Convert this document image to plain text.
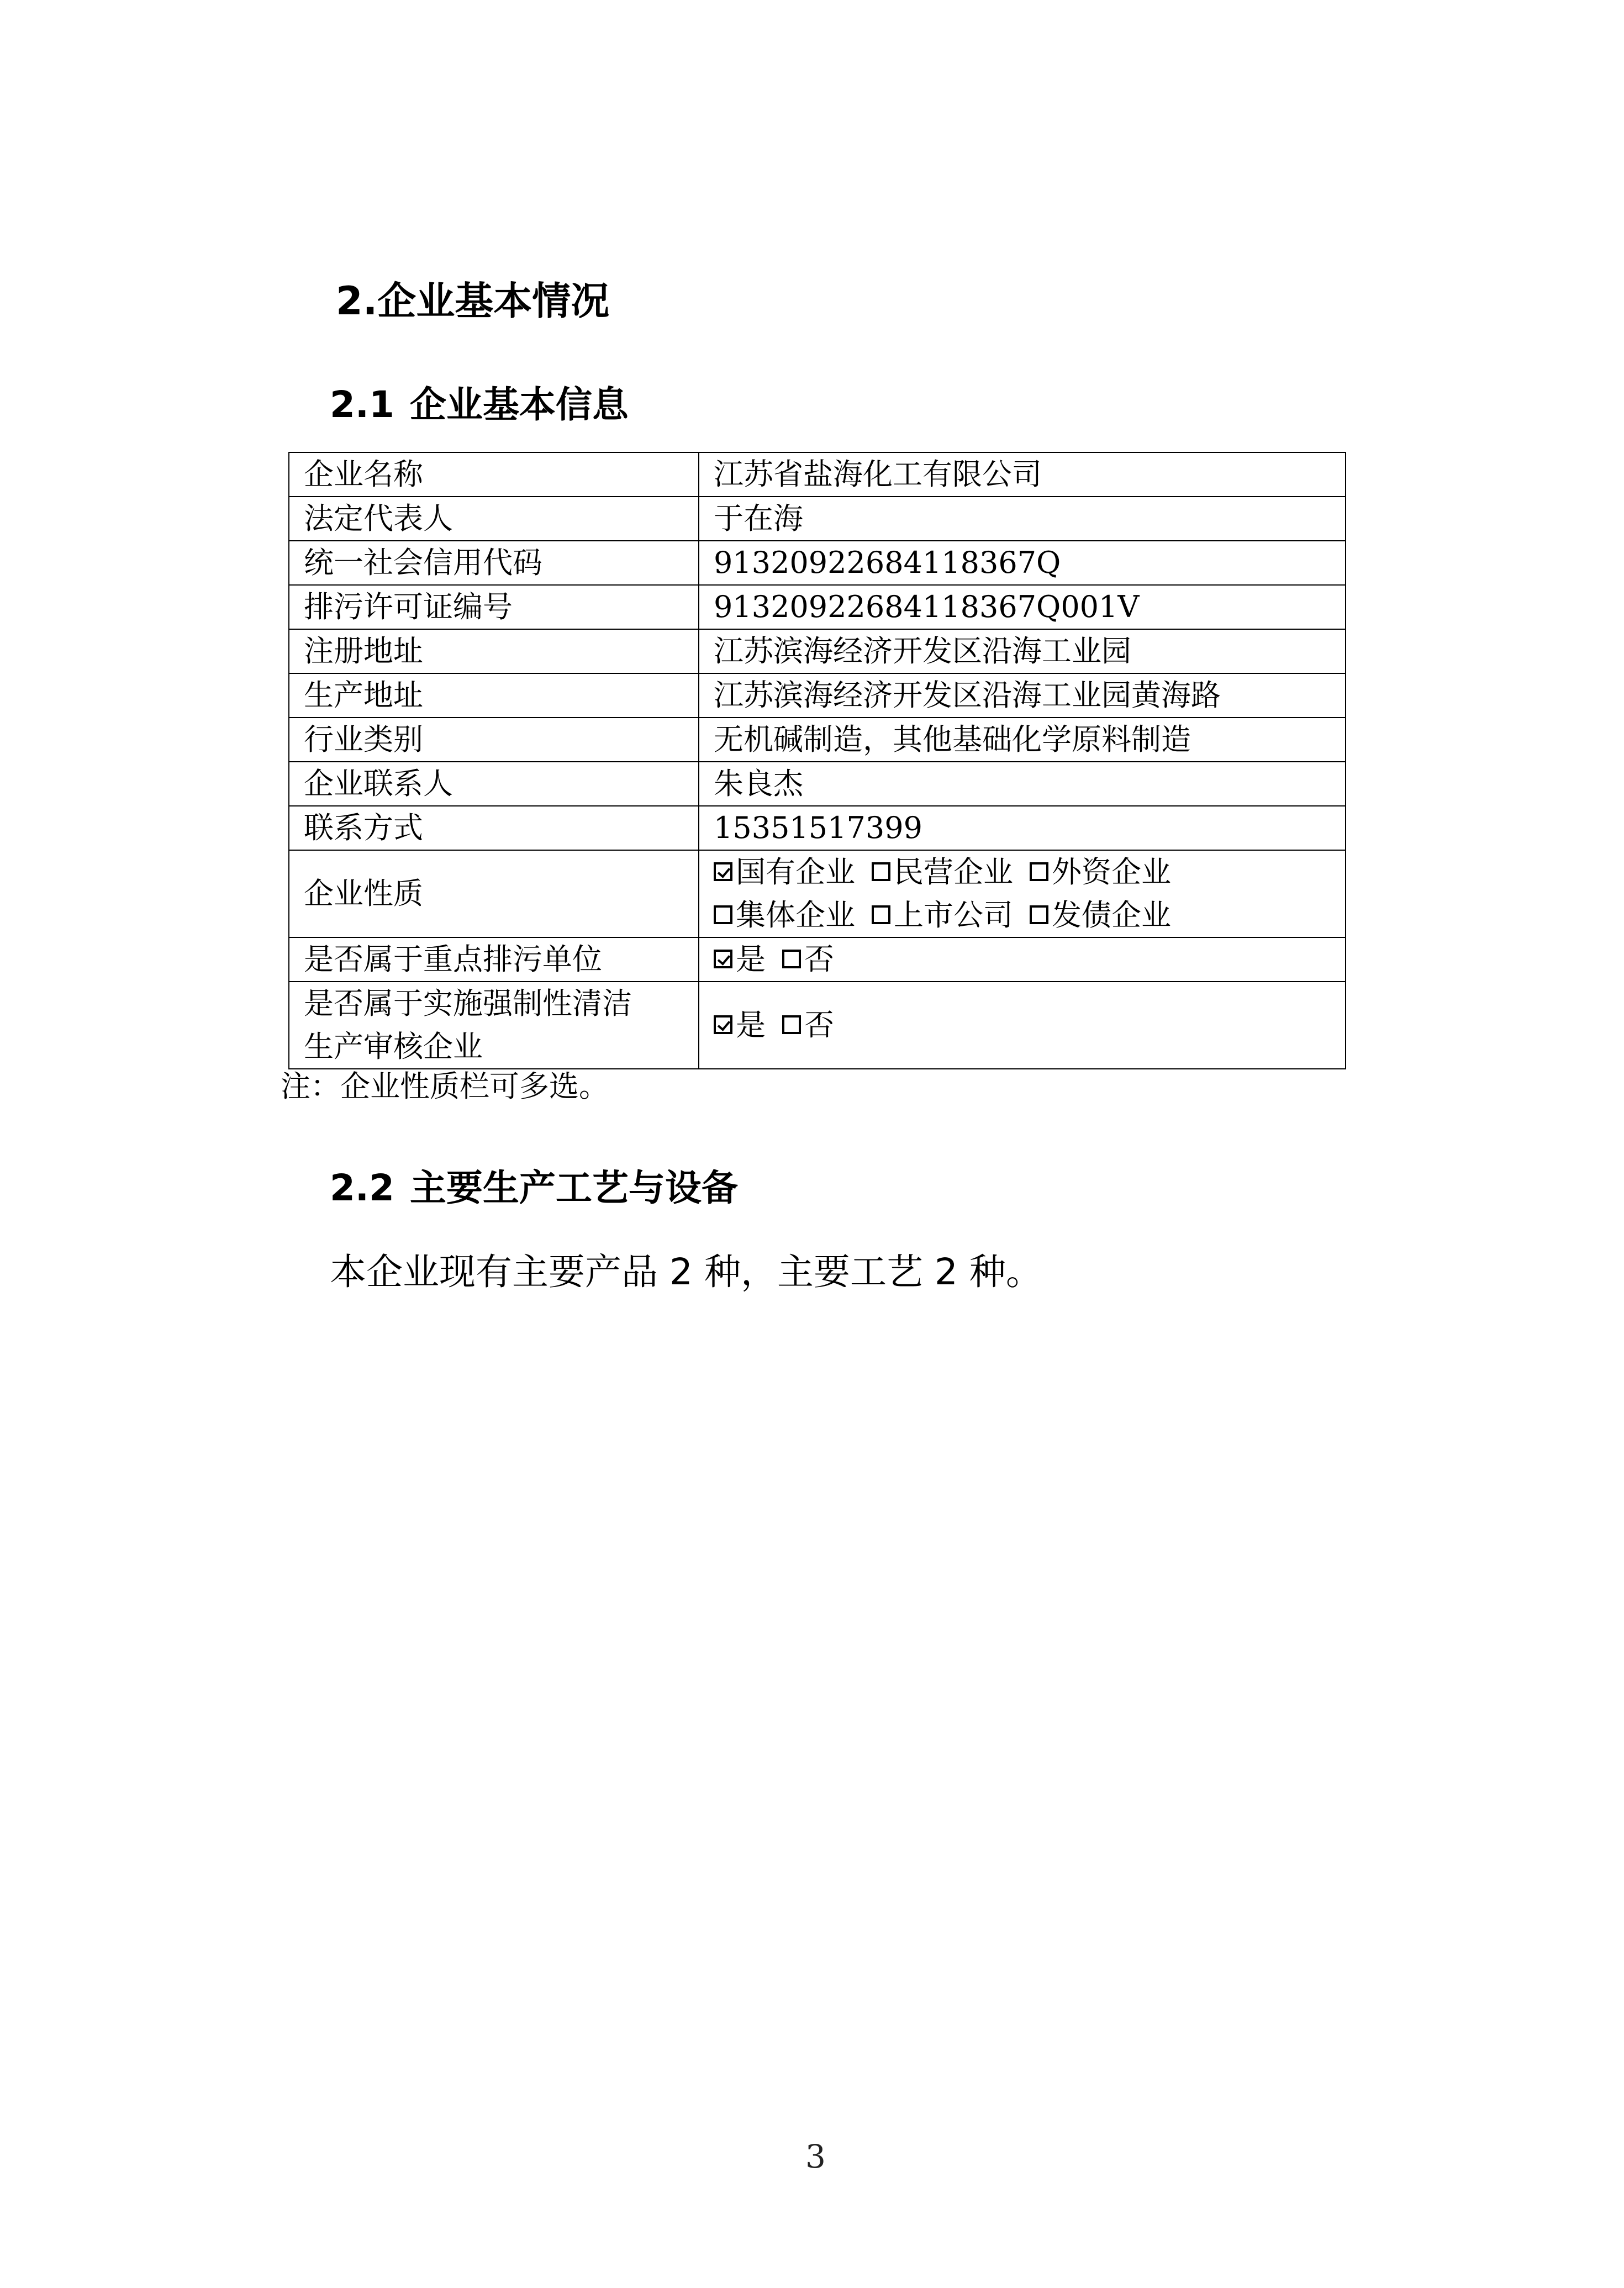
2.企业基本情况
2.1 企业基本信息
企业名称	江苏省盐海化工有限公司
法定代表人	于在海
统一社会信用代码	91320922684118367Q
排污许可证编号	91320922684118367Q001V
注册地址	江苏滨海经济开发区沿海工业园
生产地址	江苏滨海经济开发区沿海工业园黄海路
行业类别	无机碱制造，其他基础化学原料制造
企业联系人	朱良杰
联系方式	15351517399
企业性质	国有企业 民营企业 外资企业
集体企业 上市公司 发债企业

是否属于重点排污单位	是 否

是否属于实施强制性清洁
生产审核企业	是 否
注：企业性质栏可多选。
2.2 主要生产工艺与设备
本企业现有主要产品 2 种，主要工艺 2 种。
3
